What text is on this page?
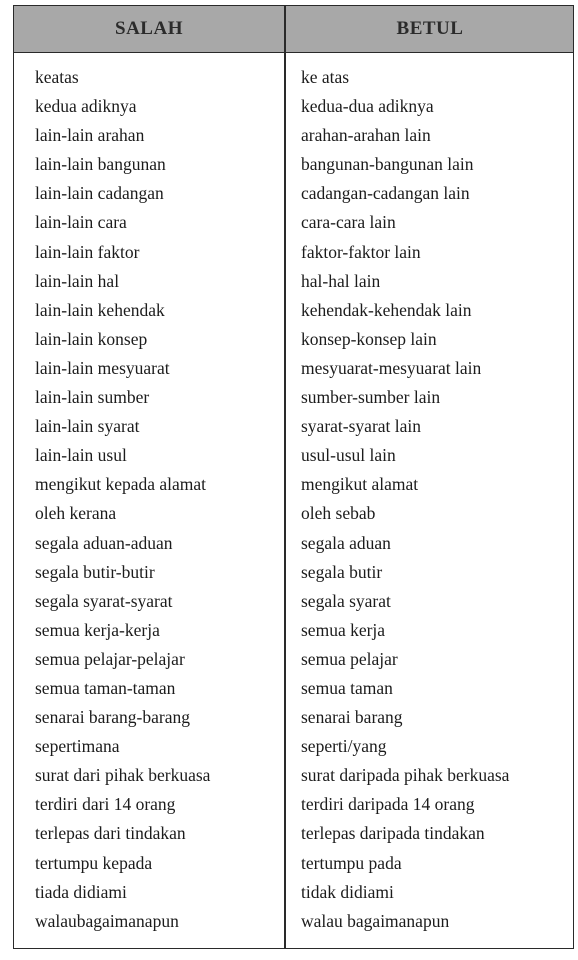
SALAH	BETUL
keatas
kedua adiknya
lain-lain arahan
lain-lain bangunan
lain-lain cadangan
lain-lain cara
lain-lain faktor
lain-lain hal
lain-lain kehendak
lain-lain konsep
lain-lain mesyuarat
lain-lain sumber
lain-lain syarat
lain-lain usul
mengikut kepada alamat
oleh kerana
segala aduan-aduan
segala butir-butir
segala syarat-syarat
semua kerja-kerja
semua pelajar-pelajar
semua taman-taman
senarai barang-barang
sepertimana
surat dari pihak berkuasa
terdiri dari 14 orang
terlepas dari tindakan
tertumpu kepada
tiada didiami
walaubagaimanapun
ke atas
kedua-dua adiknya
arahan-arahan lain
bangunan-bangunan lain
cadangan-cadangan lain
cara-cara lain
faktor-faktor lain
hal-hal lain
kehendak-kehendak lain
konsep-konsep lain
mesyuarat-mesyuarat lain
sumber-sumber lain
syarat-syarat lain
usul-usul lain
mengikut alamat
oleh sebab
segala aduan
segala butir
segala syarat
semua kerja
semua pelajar
semua taman
senarai barang
seperti/yang
surat daripada pihak berkuasa
terdiri daripada 14 orang
terlepas daripada tindakan
tertumpu pada
tidak didiami
walau bagaimanapun
